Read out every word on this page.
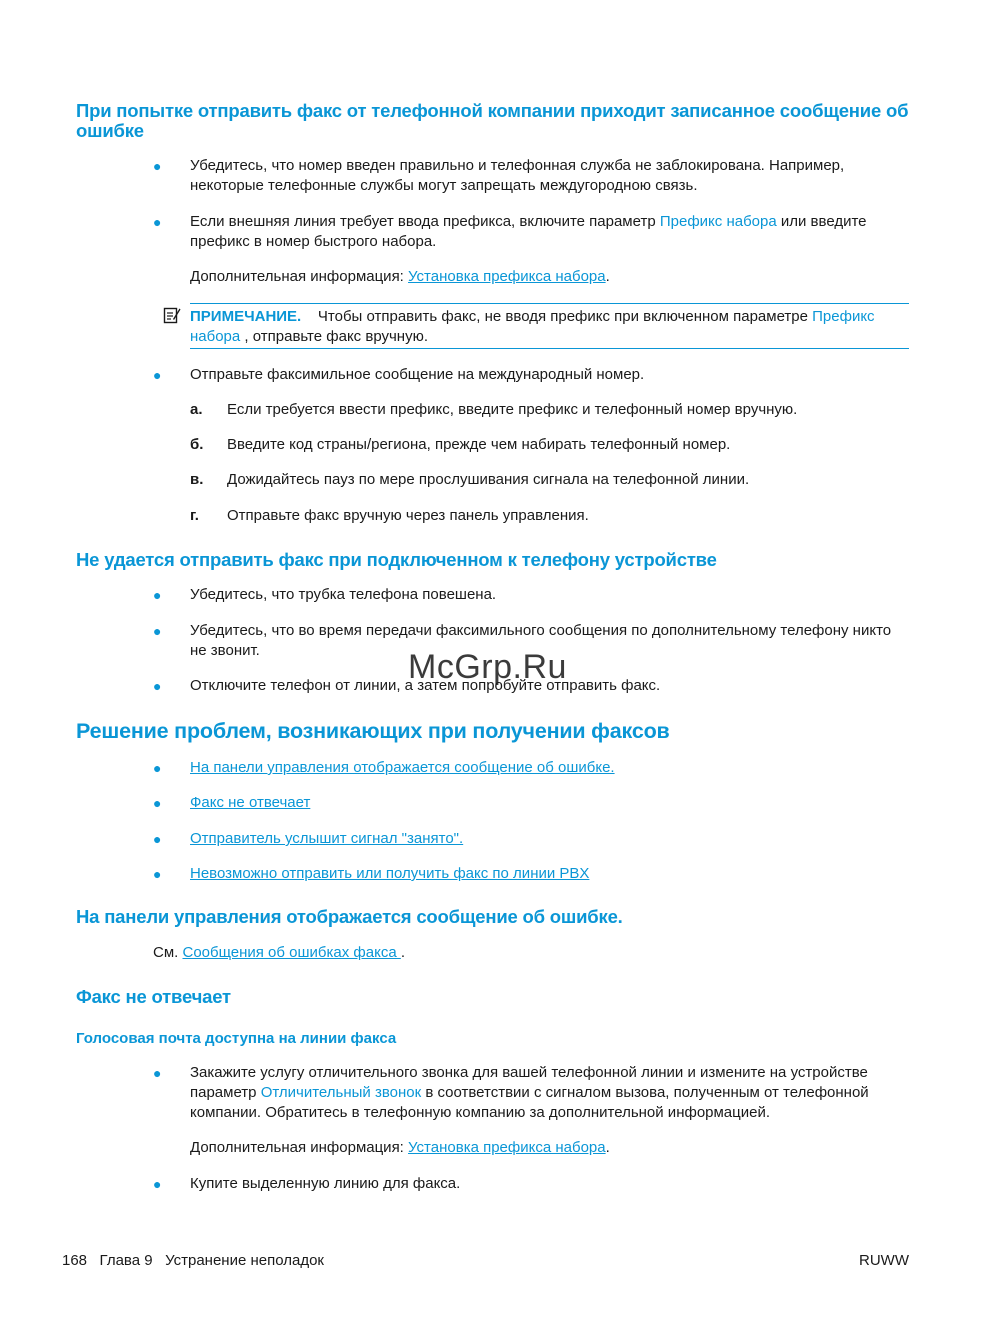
При попытке отправить факс от телефонной компании приходит записанное сообщение об
ошибке
● Убедитесь, что номер введен правильно и телефонная служба не заблокирована. Например, некоторые телефонные службы могут запрещать междугородною связь.
● Если внешняя линия требует ввода префикса, включите параметр Префикс набора или введите префикс в номер быстрого набора.
Дополнительная информация: Установка префикса набора.
ПРИМЕЧАНИЕ. Чтобы отправить факс, не вводя префикс при включенном параметре Префикс набора , отправьте факс вручную.
● Отправьте факсимильное сообщение на международный номер.
а. Если требуется ввести префикс, введите префикс и телефонный номер вручную.
б. Введите код страны/региона, прежде чем набирать телефонный номер.
в. Дожидайтесь пауз по мере прослушивания сигнала на телефонной линии.
г. Отправьте факс вручную через панель управления.
Не удается отправить факс при подключенном к телефону устройстве
● Убедитесь, что трубка телефона повешена.
● Убедитесь, что во время передачи факсимильного сообщения по дополнительному телефону никто не звонит.
● Отключите телефон от линии, а затем попробуйте отправить факс.
McGrp.Ru
Решение проблем, возникающих при получении факсов
● На панели управления отображается сообщение об ошибке.
● Факс не отвечает
● Отправитель услышит сигнал "занято".
● Невозможно отправить или получить факс по линии PBX
На панели управления отображается сообщение об ошибке.
См. Сообщения об ошибках факса .
Факс не отвечает
Голосовая почта доступна на линии факса
● Закажите услугу отличительного звонка для вашей телефонной линии и измените на устройстве параметр Отличительный звонок в соответствии с сигналом вызова, полученным от телефонной компании. Обратитесь в телефонную компанию за дополнительной информацией.
Дополнительная информация: Установка префикса набора.
● Купите выделенную линию для факса.
168 Глава 9 Устранение неполадок	RUWW
